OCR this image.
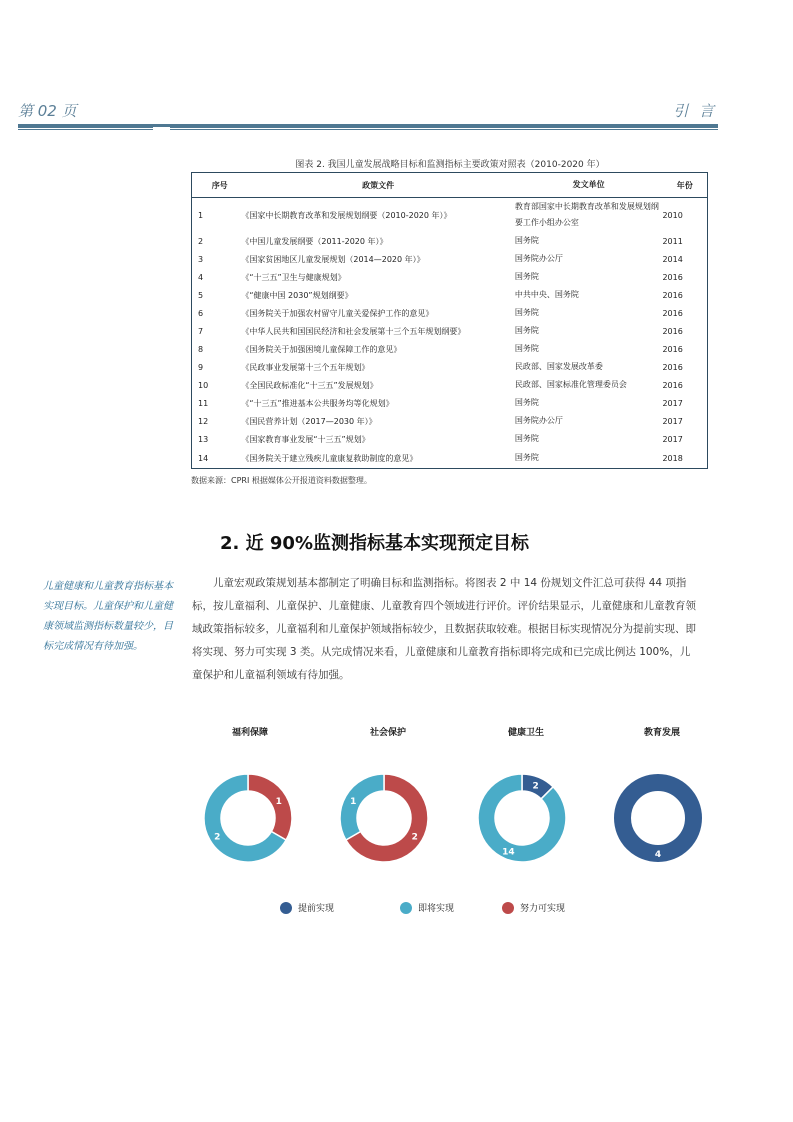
第 02 页	引 言
图表 2. 我国儿童发展战略目标和监测指标主要政策对照表（2010-2020 年）
序号	政策文件	发文单位	年份
1	《国家中长期教育改革和发展规划纲要（2010-2020 年）》	教育部国家中长期教育改革和发展规划纲要工作小组办公室	2010
2	《中国儿童发展纲要（2011-2020 年）》	国务院	2011
3	《国家贫困地区儿童发展规划（2014—2020 年）》	国务院办公厅	2014
4	《“十三五”卫生与健康规划》	国务院	2016
5	《“健康中国 2030”规划纲要》	中共中央、国务院	2016
6	《国务院关于加强农村留守儿童关爱保护工作的意见》	国务院	2016
7	《中华人民共和国国民经济和社会发展第十三个五年规划纲要》	国务院	2016
8	《国务院关于加强困境儿童保障工作的意见》	国务院	2016
9	《民政事业发展第十三个五年规划》	民政部、国家发展改革委	2016
10	《全国民政标准化“十三五”发展规划》	民政部、国家标准化管理委员会	2016
11	《“十三五”推进基本公共服务均等化规划》	国务院	2017
12	《国民营养计划（2017—2030 年）》	国务院办公厅	2017
13	《国家教育事业发展“十三五”规划》	国务院	2017
14	《国务院关于建立残疾儿童康复救助制度的意见》	国务院	2018
数据来源：CPRI 根据媒体公开报道资料数据整理。
2. 近 90%监测指标基本实现预定目标
儿童健康和儿童教育指标基本实现目标。儿童保护和儿童健康领域监测指标数量较少，目标完成情况有待加强。
儿童宏观政策规划基本都制定了明确目标和监测指标。将图表 2 中 14 份规划文件汇总可获得 44 项指标，按儿童福利、儿童保护、儿童健康、儿童教育四个领域进行评价。评价结果显示，儿童健康和儿童教育领域政策指标较多，儿童福利和儿童保护领域指标较少，且数据获取较难。根据目标实现情况分为提前实现、即将实现、努力可实现 3 类。从完成情况来看，儿童健康和儿童教育指标即将完成和已完成比例达 100%，儿童保护和儿童福利领域有待加强。
福利保障	社会保护	健康卫生	教育发展
1
2	2
1
2
14	4
提前实现	即将实现	努力可实现
